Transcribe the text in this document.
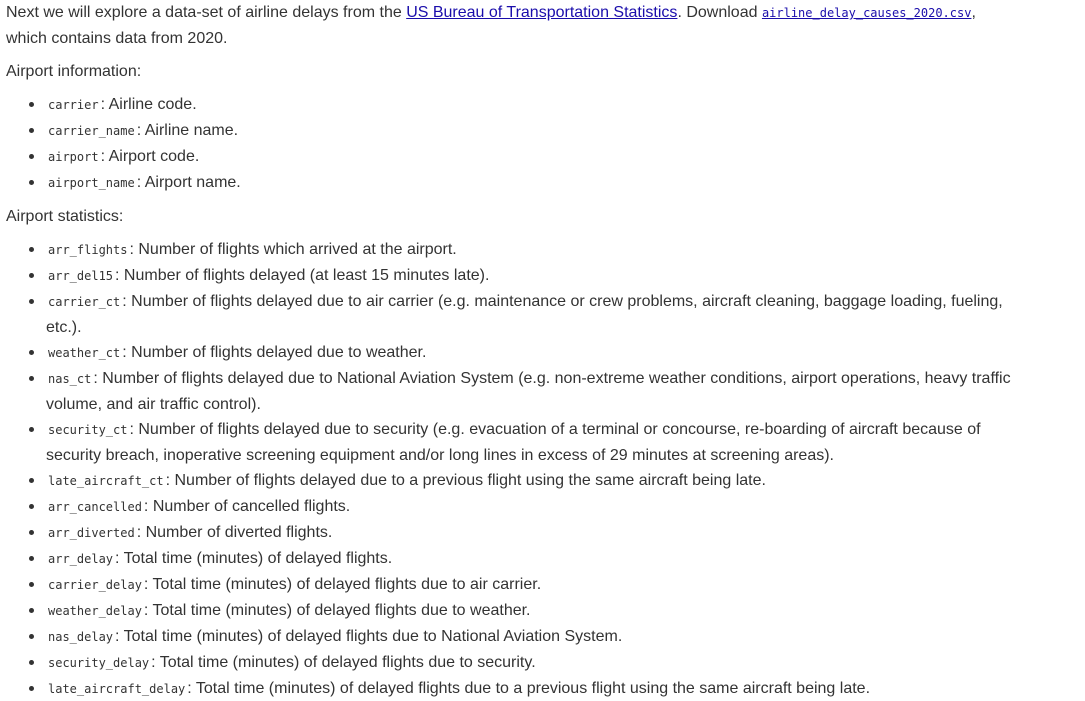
Next we will explore a data-set of airline delays from the US Bureau of Transportation Statistics. Download airline_delay_causes_2020.csv,
which contains data from 2020.

Airport information:

carrier : Airline code.
carrier_name : Airline name.
airport : Airport code.
airport_name : Airport name.

Airport statistics:

arr_flights : Number of flights which arrived at the airport.
arr_del15 : Number of flights delayed (at least 15 minutes late).
carrier_ct : Number of flights delayed due to air carrier (e.g. maintenance or crew problems, aircraft cleaning, baggage loading, fueling, etc.).
weather_ct : Number of flights delayed due to weather.
nas_ct : Number of flights delayed due to National Aviation System (e.g. non-extreme weather conditions, airport operations, heavy traffic volume, and air traffic control).
security_ct : Number of flights delayed due to security (e.g. evacuation of a terminal or concourse, re-boarding of aircraft because of security breach, inoperative screening equipment and/or long lines in excess of 29 minutes at screening areas).
late_aircraft_ct : Number of flights delayed due to a previous flight using the same aircraft being late.
arr_cancelled : Number of cancelled flights.
arr_diverted : Number of diverted flights.
arr_delay : Total time (minutes) of delayed flights.
carrier_delay : Total time (minutes) of delayed flights due to air carrier.
weather_delay : Total time (minutes) of delayed flights due to weather.
nas_delay : Total time (minutes) of delayed flights due to National Aviation System.
security_delay : Total time (minutes) of delayed flights due to security.
late_aircraft_delay : Total time (minutes) of delayed flights due to a previous flight using the same aircraft being late.
